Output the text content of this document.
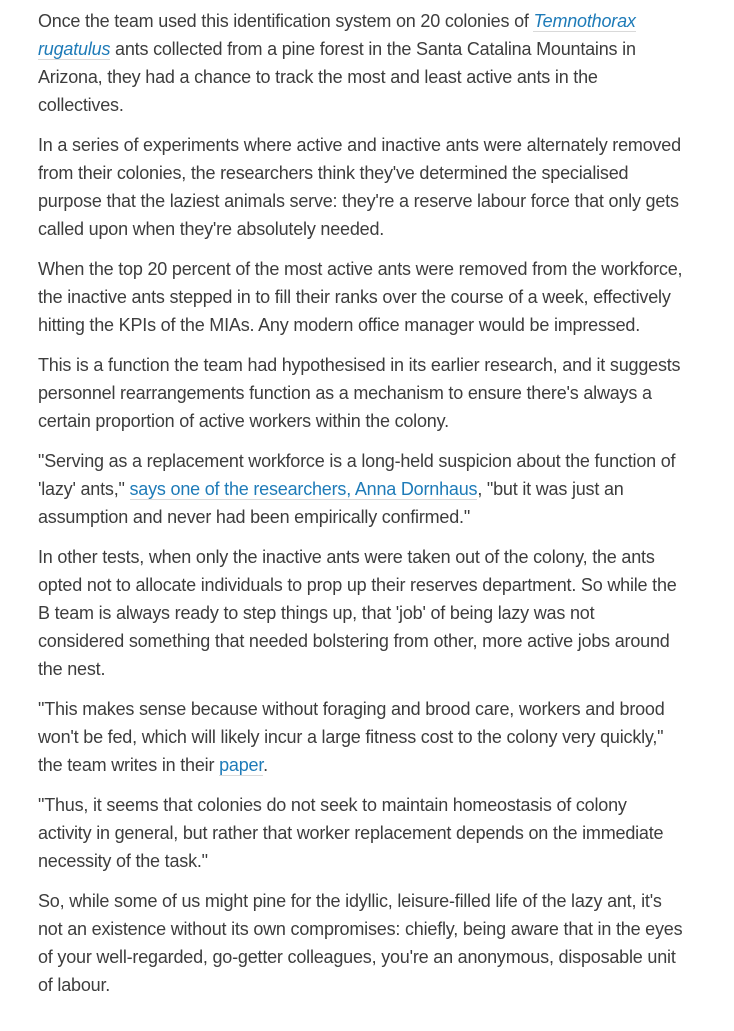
Once the team used this identification system on 20 colonies of Temnothorax rugatulus ants collected from a pine forest in the Santa Catalina Mountains in Arizona, they had a chance to track the most and least active ants in the collectives.

In a series of experiments where active and inactive ants were alternately removed from their colonies, the researchers think they've determined the specialised purpose that the laziest animals serve: they're a reserve labour force that only gets called upon when they're absolutely needed.

When the top 20 percent of the most active ants were removed from the workforce, the inactive ants stepped in to fill their ranks over the course of a week, effectively hitting the KPIs of the MIAs. Any modern office manager would be impressed.

This is a function the team had hypothesised in its earlier research, and it suggests personnel rearrangements function as a mechanism to ensure there's always a certain proportion of active workers within the colony.

"Serving as a replacement workforce is a long-held suspicion about the function of 'lazy' ants," says one of the researchers, Anna Dornhaus, "but it was just an assumption and never had been empirically confirmed."

In other tests, when only the inactive ants were taken out of the colony, the ants opted not to allocate individuals to prop up their reserves department. So while the B team is always ready to step things up, that 'job' of being lazy was not considered something that needed bolstering from other, more active jobs around the nest.

"This makes sense because without foraging and brood care, workers and brood won't be fed, which will likely incur a large fitness cost to the colony very quickly," the team writes in their paper.

"Thus, it seems that colonies do not seek to maintain homeostasis of colony activity in general, but rather that worker replacement depends on the immediate necessity of the task."

So, while some of us might pine for the idyllic, leisure-filled life of the lazy ant, it's not an existence without its own compromises: chiefly, being aware that in the eyes of your well-regarded, go-getter colleagues, you're an anonymous, disposable unit of labour.
